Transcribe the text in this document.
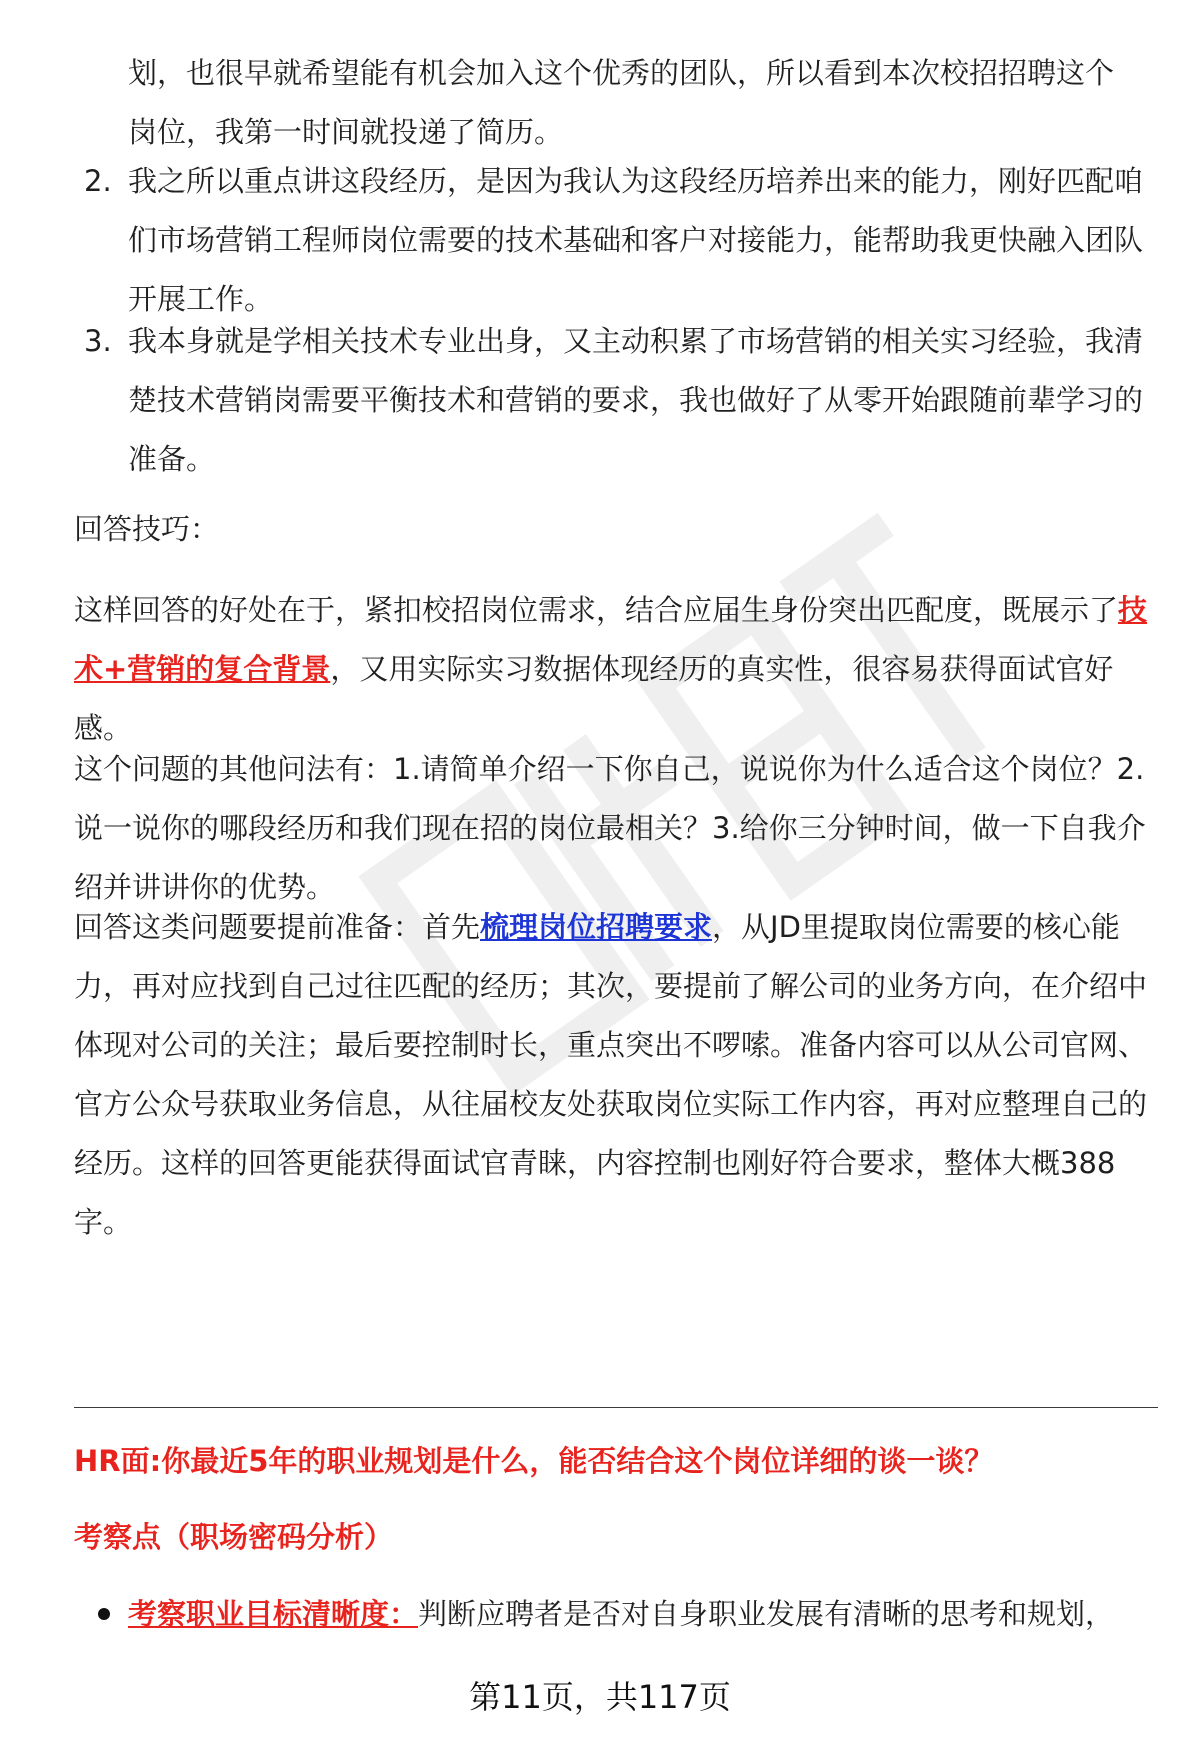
划，也很早就希望能有机会加入这个优秀的团队，所以看到本次校招招聘这个
岗位，我第一时间就投递了简历。
2. 我之所以重点讲这段经历，是因为我认为这段经历培养出来的能力，刚好匹配咱们市场营销工程师岗位需要的技术基础和客户对接能力，能帮助我更快融入团队开展工作。
3. 我本身就是学相关技术专业出身，又主动积累了市场营销的相关实习经验，我清楚技术营销岗需要平衡技术和营销的要求，我也做好了从零开始跟随前辈学习的准备。
回答技巧：
这样回答的好处在于，紧扣校招岗位需求，结合应届生身份突出匹配度，既展示了技术+营销的复合背景，又用实际实习数据体现经历的真实性，很容易获得面试官好感。
这个问题的其他问法有：1.请简单介绍一下你自己，说说你为什么适合这个岗位？2.说一说你的哪段经历和我们现在招的岗位最相关？3.给你三分钟时间，做一下自我介绍并讲讲你的优势。
回答这类问题要提前准备：首先梳理岗位招聘要求，从JD里提取岗位需要的核心能力，再对应找到自己过往匹配的经历；其次，要提前了解公司的业务方向，在介绍中体现对公司的关注；最后要控制时长，重点突出不啰嗦。准备内容可以从公司官网、官方公众号获取业务信息，从往届校友处获取岗位实际工作内容，再对应整理自己的经历。这样的回答更能获得面试官青睐，内容控制也刚好符合要求，整体大概388字。
HR面:你最近5年的职业规划是什么，能否结合这个岗位详细的谈一谈？
考察点（职场密码分析）
考察职业目标清晰度：判断应聘者是否对自身职业发展有清晰的思考和规划，
第11页，共117页
